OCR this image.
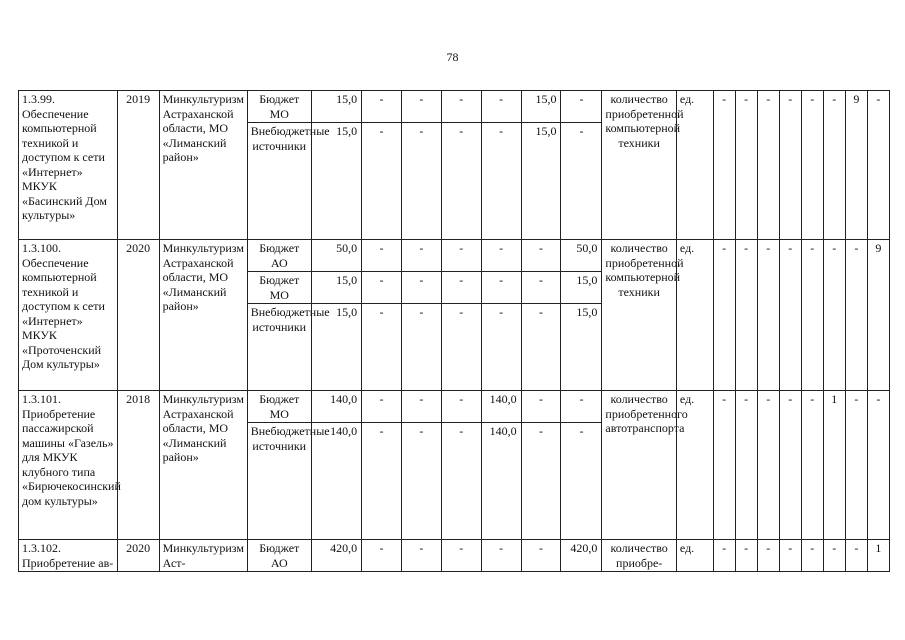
78
1.3.99. Обеспечение компьютерной техникой и доступом к сети «Интернет» МКУК «Басинский Дом культуры»	2019	Минкультуризм Астраханской области, МО «Лиманский район»	Бюджет МО	15,0	-	-	-	-	15,0	-	количество приобретенной компьютерной техники	ед.	-	-	-	-	-	-	9	-
			Внебюджетные источники	15,0	-	-	-	-	15,0	-										
1.3.100. Обеспечение компьютерной техникой и доступом к сети «Интернет» МКУК «Проточенский Дом культуры»	2020	Минкультуризм Астраханской области, МО «Лиманский район»	Бюджет АО	50,0	-	-	-	-	-	50,0	количество приобретенной компьютерной техники	ед.	-	-	-	-	-	-	-	9
			Бюджет МО	15,0	-	-	-	-	-	15,0										
			Внебюджетные источники	15,0	-	-	-	-	-	15,0										
1.3.101. Приобретение пассажирской машины «Газель» для МКУК клубного типа «Бирючекосинский дом культуры»	2018	Минкультуризм Астраханской области, МО «Лиманский район»	Бюджет МО	140,0	-	-	-	140,0	-	-	количество приобретенного автотранспорта	ед.	-	-	-	-	-	1	-	-
			Внебюджетные источники	140,0	-	-	-	140,0	-	-										
1.3.102. Приобретение ав-	2020	Минкультуризм Аст-	Бюджет АО	420,0	-	-	-	-	-	420,0	количество приобре-	ед.	-	-	-	-	-	-	-	1
